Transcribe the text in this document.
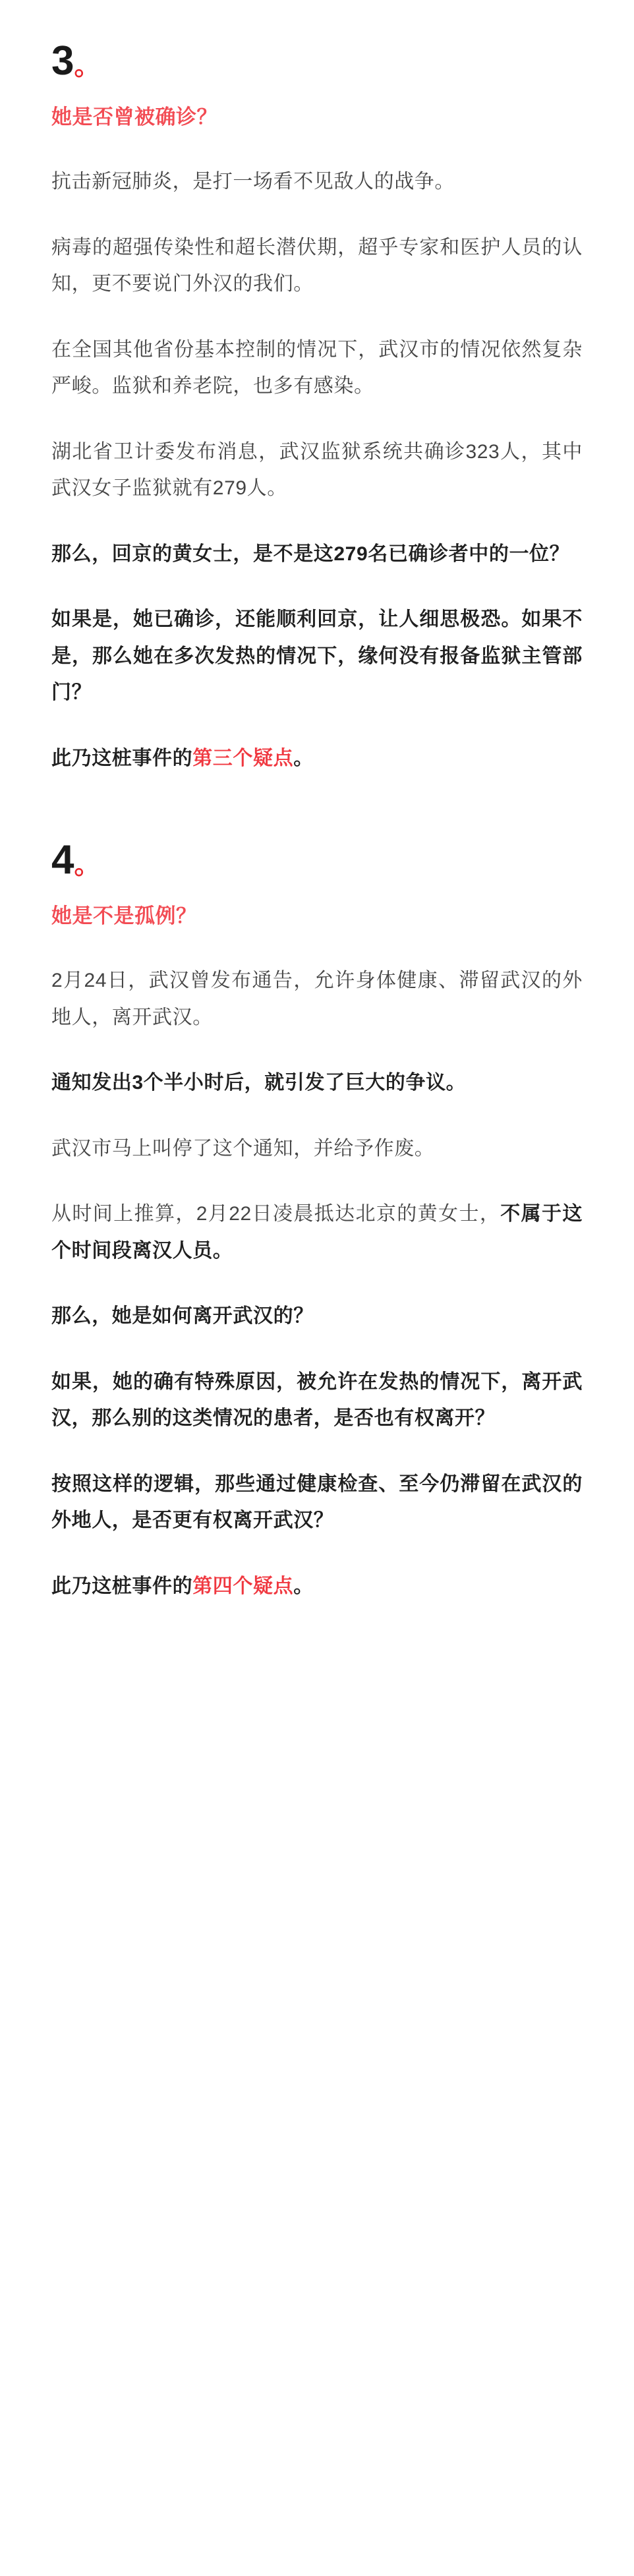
3。
她是否曾被确诊？

抗击新冠肺炎，是打一场看不见敌人的战争。

病毒的超强传染性和超长潜伏期，超乎专家和医护人员的认知，更不要说门外汉的我们。

在全国其他省份基本控制的情况下，武汉市的情况依然复杂严峻。监狱和养老院，也多有感染。

湖北省卫计委发布消息，武汉监狱系统共确诊323人，其中武汉女子监狱就有279人。

那么，回京的黄女士，是不是这279名已确诊者中的一位？

如果是，她已确诊，还能顺利回京，让人细思极恐。如果不是，那么她在多次发热的情况下，缘何没有报备监狱主管部门？

此乃这桩事件的第三个疑点。

4。
她是不是孤例？

2月24日，武汉曾发布通告，允许身体健康、滞留武汉的外地人，离开武汉。

通知发出3个半小时后，就引发了巨大的争议。

武汉市马上叫停了这个通知，并给予作废。

从时间上推算，2月22日凌晨抵达北京的黄女士，不属于这个时间段离汉人员。

那么，她是如何离开武汉的？

如果，她的确有特殊原因，被允许在发热的情况下，离开武汉，那么别的这类情况的患者，是否也有权离开？

按照这样的逻辑，那些通过健康检查、至今仍滞留在武汉的外地人，是否更有权离开武汉？

此乃这桩事件的第四个疑点。
